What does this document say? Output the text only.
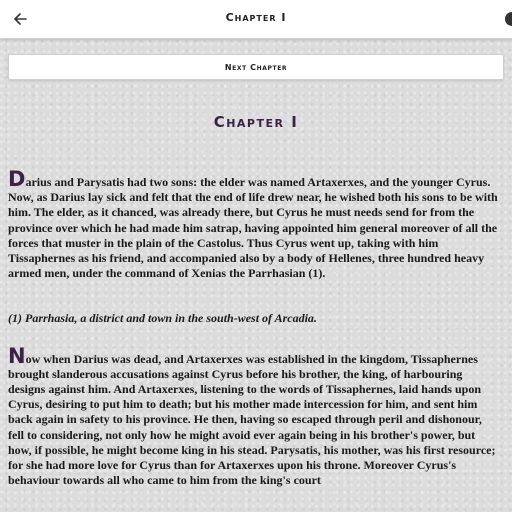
Chapter I
Next Chapter
Chapter I

Darius and Parysatis had two sons: the elder was named Artaxerxes, and the younger Cyrus. Now, as Darius lay sick and felt that the end of life drew near, he wished both his sons to be with him. The elder, as it chanced, was already there, but Cyrus he must needs send for from the province over which he had made him satrap, having appointed him general moreover of all the forces that muster in the plain of the Castolus. Thus Cyrus went up, taking with him Tissaphernes as his friend, and accompanied also by a body of Hellenes, three hundred heavy armed men, under the command of Xenias the Parrhasian (1).

(1) Parrhasia, a district and town in the south-west of Arcadia.

Now when Darius was dead, and Artaxerxes was established in the kingdom, Tissaphernes brought slanderous accusations against Cyrus before his brother, the king, of harbouring designs against him. And Artaxerxes, listening to the words of Tissaphernes, laid hands upon Cyrus, desiring to put him to death; but his mother made intercession for him, and sent him back again in safety to his province. He then, having so escaped through peril and dishonour, fell to considering, not only how he might avoid ever again being in his brother's power, but how, if possible, he might become king in his stead. Parysatis, his mother, was his first resource; for she had more love for Cyrus than for Artaxerxes upon his throne. Moreover Cyrus's behaviour towards all who came to him from the king's court
